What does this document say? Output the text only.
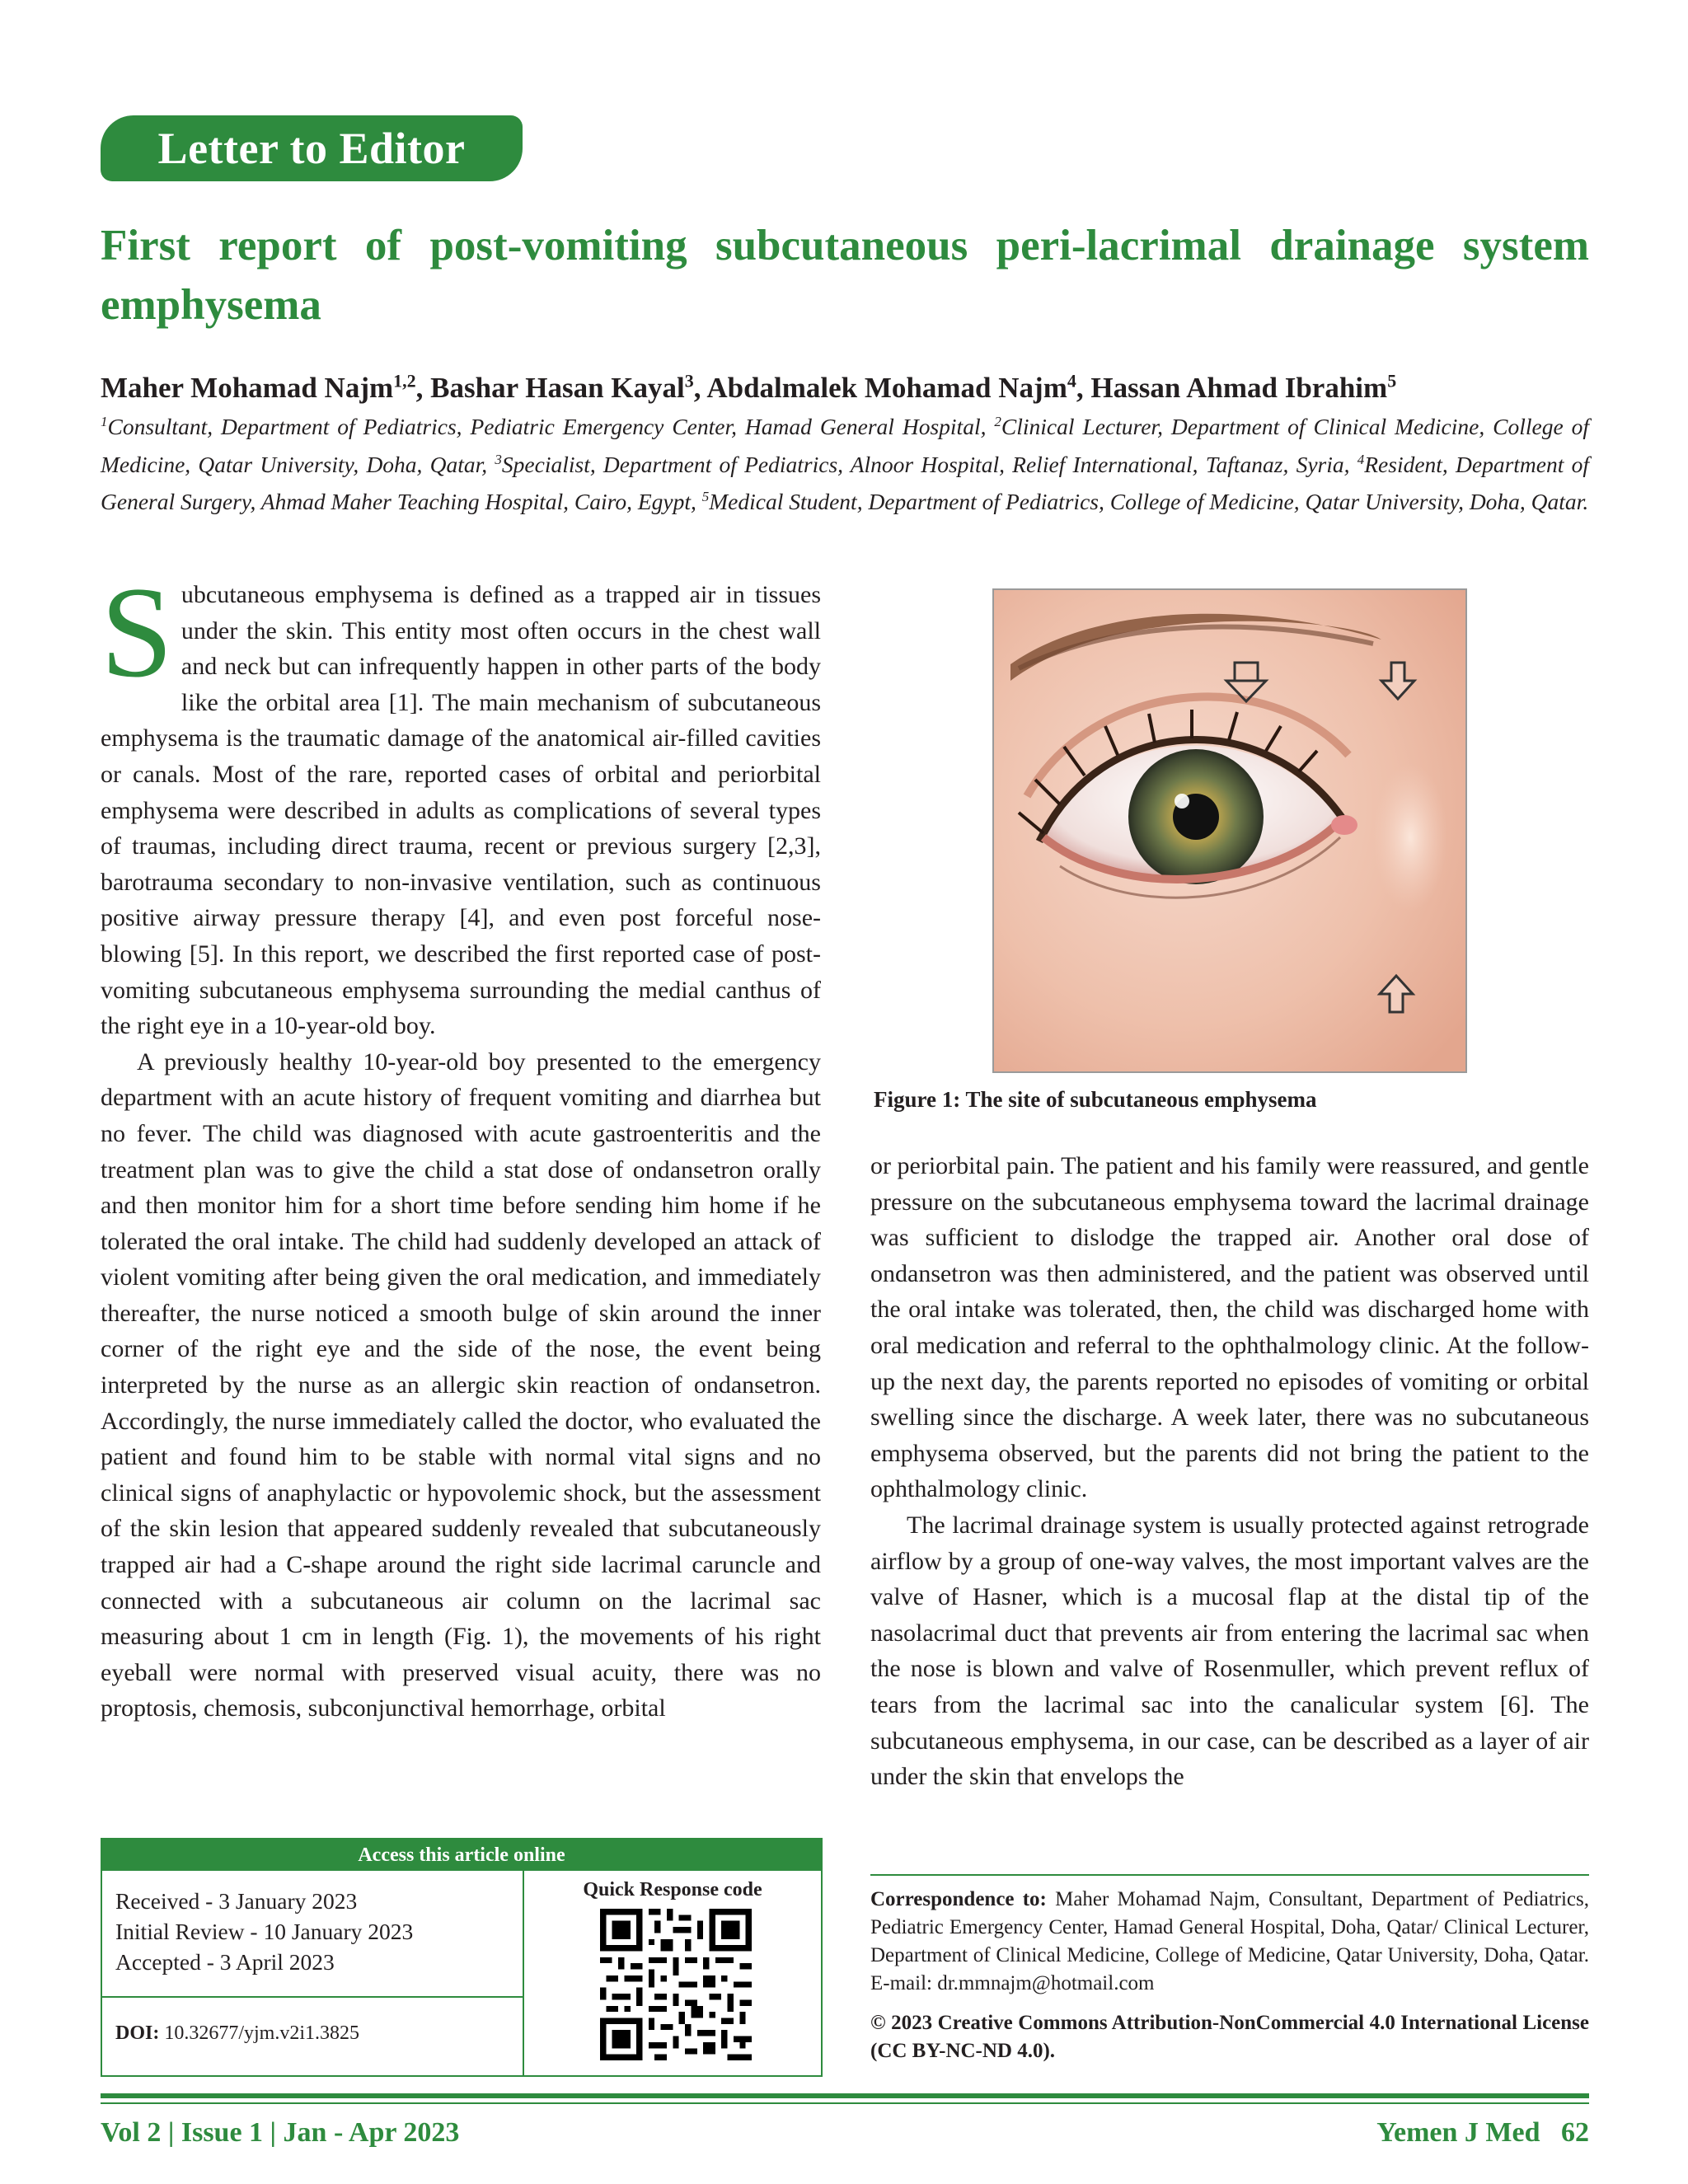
Letter to Editor
First report of post-vomiting subcutaneous peri-lacrimal drainage system emphysema

Maher Mohamad Najm$^{1,2}$, Bashar Hasan Kayal$^3$, Abdalmalek Mohamad Najm$^4$, Hassan Ahmad Ibrahim$^5$

$^1$Consultant, Department of Pediatrics, Pediatric Emergency Center, Hamad General Hospital, $^2$Clinical Lecturer, Department of Clinical Medicine, College of Medicine, Qatar University, Doha, Qatar, $^3$Specialist, Department of Pediatrics, Alnoor Hospital, Relief International, Taftanaz, Syria, $^4$Resident, Department of General Surgery, Ahmad Maher Teaching Hospital, Cairo, Egypt, $^5$Medical Student, Department of Pediatrics, College of Medicine, Qatar University, Doha, Qatar.

Subcutaneous emphysema is defined as a trapped air in tissues under the skin. This entity most often occurs in the chest wall and neck but can infrequently happen in other parts of the body like the orbital area [1]. The main mechanism of subcutaneous emphysema is the traumatic damage of the anatomical air-filled cavities or canals. Most of the rare, reported cases of orbital and periorbital emphysema were described in adults as complications of several types of traumas, including direct trauma, recent or previous surgery [2,3], barotrauma secondary to non-invasive ventilation, such as continuous positive airway pressure therapy [4], and even post forceful nose-blowing [5]. In this report, we described the first reported case of post-vomiting subcutaneous emphysema surrounding the medial canthus of the right eye in a 10-year-old boy.

A previously healthy 10-year-old boy presented to the emergency department with an acute history of frequent vomiting and diarrhea but no fever. The child was diagnosed with acute gastroenteritis and the treatment plan was to give the child a stat dose of ondansetron orally and then monitor him for a short time before sending him home if he tolerated the oral intake. The child had suddenly developed an attack of violent vomiting after being given the oral medication, and immediately thereafter, the nurse noticed a smooth bulge of skin around the inner corner of the right eye and the side of the nose, the event being interpreted by the nurse as an allergic skin reaction of ondansetron. Accordingly, the nurse immediately called the doctor, who evaluated the patient and found him to be stable with normal vital signs and no clinical signs of anaphylactic or hypovolemic shock, but the assessment of the skin lesion that appeared suddenly revealed that subcutaneously trapped air had a C-shape around the right side lacrimal caruncle and connected with a subcutaneous air column on the lacrimal sac measuring about 1 cm in length (Fig. 1), the movements of his right eyeball were normal with preserved visual acuity, there was no proptosis, chemosis, subconjunctival hemorrhage, orbital

Figure 1: The site of subcutaneous emphysema

or periorbital pain. The patient and his family were reassured, and gentle pressure on the subcutaneous emphysema toward the lacrimal drainage was sufficient to dislodge the trapped air. Another oral dose of ondansetron was then administered, and the patient was observed until the oral intake was tolerated, then, the child was discharged home with oral medication and referral to the ophthalmology clinic. At the follow-up the next day, the parents reported no episodes of vomiting or orbital swelling since the discharge. A week later, there was no subcutaneous emphysema observed, but the parents did not bring the patient to the ophthalmology clinic.

The lacrimal drainage system is usually protected against retrograde airflow by a group of one-way valves, the most important valves are the valve of Hasner, which is a mucosal flap at the distal tip of the nasolacrimal duct that prevents air from entering the lacrimal sac when the nose is blown and valve of Rosenmuller, which prevent reflux of tears from the lacrimal sac into the canalicular system [6]. The subcutaneous emphysema, in our case, can be described as a layer of air under the skin that envelops the

Access this article online
Received - 3 January 2023
Initial Review - 10 January 2023
Accepted - 3 April 2023
DOI: 10.32677/yjm.v2i1.3825
Quick Response code	Correspondence to: Maher Mohamad Najm, Consultant, Department of Pediatrics, Pediatric Emergency Center, Hamad General Hospital, Doha, Qatar/ Clinical Lecturer, Department of Clinical Medicine, College of Medicine, Qatar University, Doha, Qatar. E-mail: dr.mmnajm@hotmail.com

© 2023 Creative Commons Attribution-NonCommercial 4.0 International License (CC BY-NC-ND 4.0).

Vol 2 | Issue 1 | Jan - Apr 2023	Yemen J Med   62
